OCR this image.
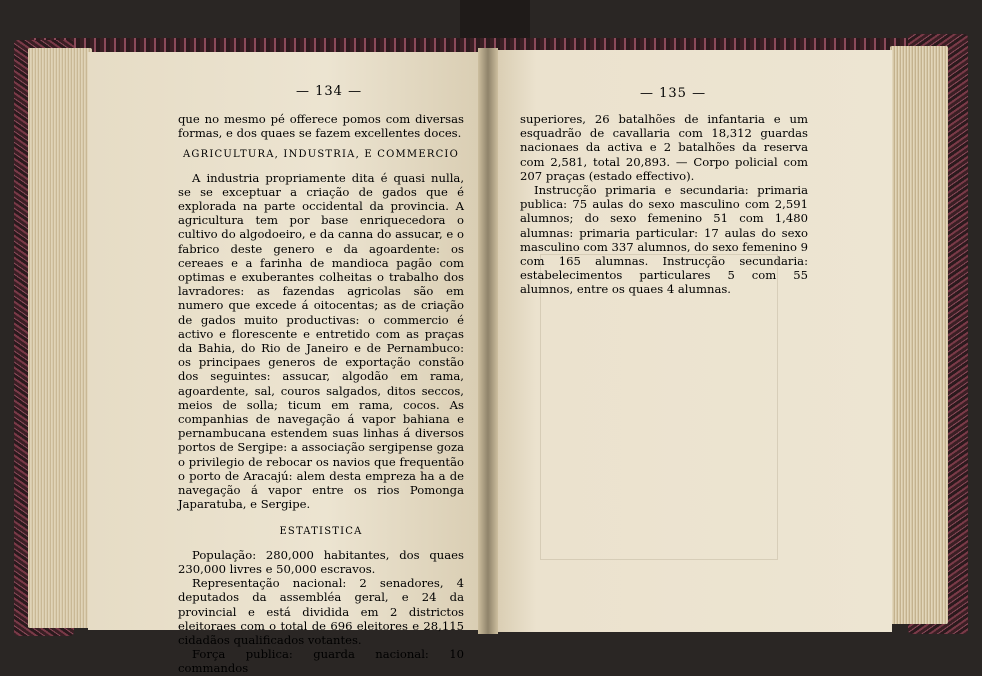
— 134 —

que no mesmo pé offerece pomos com diversas formas, e dos quaes se fazem excellentes doces.

AGRICULTURA, INDUSTRIA, E COMMERCIO

A industria propriamente dita é quasi nulla, se se exceptuar a criação de gados que é explorada na parte occidental da provincia. A agricultura tem por base enriquecedora o cultivo do algodoeiro, e da canna do assucar, e o fabrico deste genero e da agoardente: os cereaes e a farinha de mandioca pagão com optimas e exuberantes colheitas o trabalho dos lavradores: as fazendas agricolas são em numero que excede á oitocentas; as de criação de gados muito productivas: o commercio é activo e florescente e entretido com as praças da Bahia, do Rio de Janeiro e de Pernambuco: os principaes generos de exportação constão dos seguintes: assucar, algodão em rama, agoardente, sal, couros salgados, ditos seccos, meios de solla; ticum em rama, cocos. As companhias de navegação á vapor bahiana e pernambucana estendem suas linhas á diversos portos de Sergipe: a associação sergipense goza o privilegio de rebocar os navios que frequentão o porto de Aracajú: alem desta empreza ha a de navegação á vapor entre os rios Pomonga Japaratuba, e Sergipe.

ESTATISTICA

População: 280,000 habitantes, dos quaes 230,000 livres e 50,000 escravos.

Representação nacional: 2 senadores, 4 deputados da assembléa geral, e 24 da provincial e está dividida em 2 districtos eleitoraes com o total de 696 eleitores e 28,115 cidadãos qualificados votantes.

Força publica: guarda nacional: 10 commandos

— 135 —

superiores, 26 batalhões de infantaria e um esquadrão de cavallaria com 18,312 guardas nacionaes da activa e 2 batalhões da reserva com 2,581, total 20,893. — Corpo policial com 207 praças (estado effectivo).

Instrucção primaria e secundaria: primaria publica: 75 aulas do sexo masculino com 2,591 alumnos; do sexo femenino 51 com 1,480 alumnas: primaria particular: 17 aulas do sexo masculino com 337 alumnos, do sexo femenino 9 com 165 alumnas. Instrucção secundaria: estabelecimentos particulares 5 com 55 alumnos, entre os quaes 4 alumnas.
